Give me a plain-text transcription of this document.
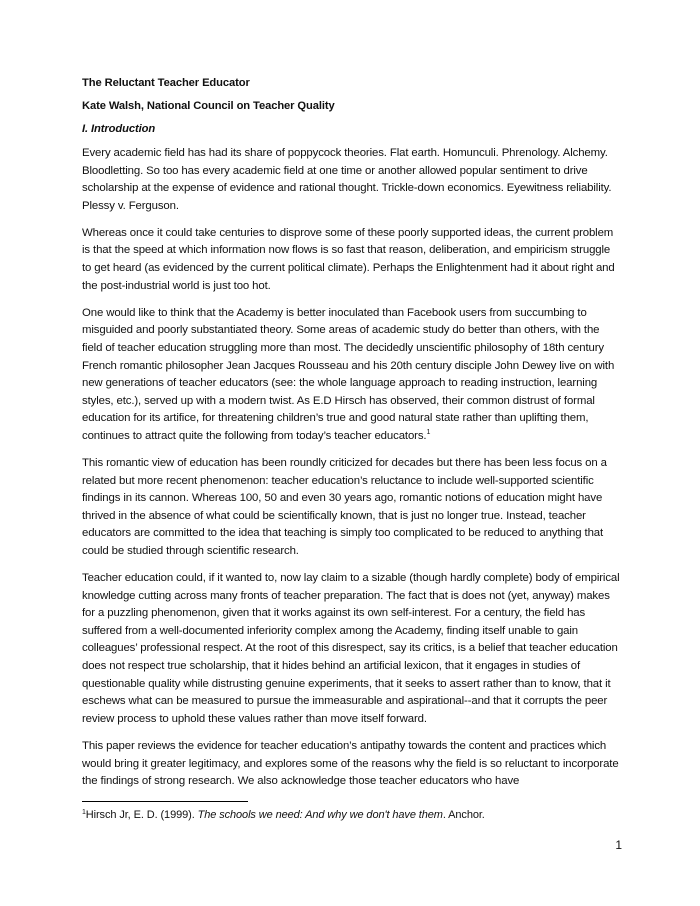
The Reluctant Teacher Educator
Kate Walsh, National Council on Teacher Quality
I. Introduction

Every academic field has had its share of poppycock theories. Flat earth. Homunculi. Phrenology. Alchemy. Bloodletting. So too has every academic field at one time or another allowed popular sentiment to drive scholarship at the expense of evidence and rational thought. Trickle-down economics. Eyewitness reliability. Plessy v. Ferguson.

Whereas once it could take centuries to disprove some of these poorly supported ideas, the current problem is that the speed at which information now flows is so fast that reason, deliberation, and empiricism struggle to get heard (as evidenced by the current political climate). Perhaps the Enlightenment had it about right and the post-industrial world is just too hot.

One would like to think that the Academy is better inoculated than Facebook users from succumbing to misguided and poorly substantiated theory. Some areas of academic study do better than others, with the field of teacher education struggling more than most. The decidedly unscientific philosophy of 18th century French romantic philosopher Jean Jacques Rousseau and his 20th century disciple John Dewey live on with new generations of teacher educators (see: the whole language approach to reading instruction, learning styles, etc.), served up with a modern twist. As E.D Hirsch has observed, their common distrust of formal education for its artifice, for threatening children’s true and good natural state rather than uplifting them, continues to attract quite the following from today’s teacher educators.$^1$

This romantic view of education has been roundly criticized for decades but there has been less focus on a related but more recent phenomenon: teacher education’s reluctance to include well-supported scientific findings in its cannon. Whereas 100, 50 and even 30 years ago, romantic notions of education might have thrived in the absence of what could be scientifically known, that is just no longer true. Instead, teacher educators are committed to the idea that teaching is simply too complicated to be reduced to anything that could be studied through scientific research.

Teacher education could, if it wanted to, now lay claim to a sizable (though hardly complete) body of empirical knowledge cutting across many fronts of teacher preparation. The fact that is does not (yet, anyway) makes for a puzzling phenomenon, given that it works against its own self-interest. For a century, the field has suffered from a well-documented inferiority complex among the Academy, finding itself unable to gain colleagues’ professional respect. At the root of this disrespect, say its critics, is a belief that teacher education does not respect true scholarship, that it hides behind an artificial lexicon, that it engages in studies of questionable quality while distrusting genuine experiments, that it seeks to assert rather than to know, that it eschews what can be measured to pursue the immeasurable and aspirational--and that it corrupts the peer review process to uphold these values rather than move itself forward.

This paper reviews the evidence for teacher education’s antipathy towards the content and practices which would bring it greater legitimacy, and explores some of the reasons why the field is so reluctant to incorporate the findings of strong research. We also acknowledge those teacher educators who have

$^1$Hirsch Jr, E. D. (1999). The schools we need: And why we don't have them. Anchor.
1
